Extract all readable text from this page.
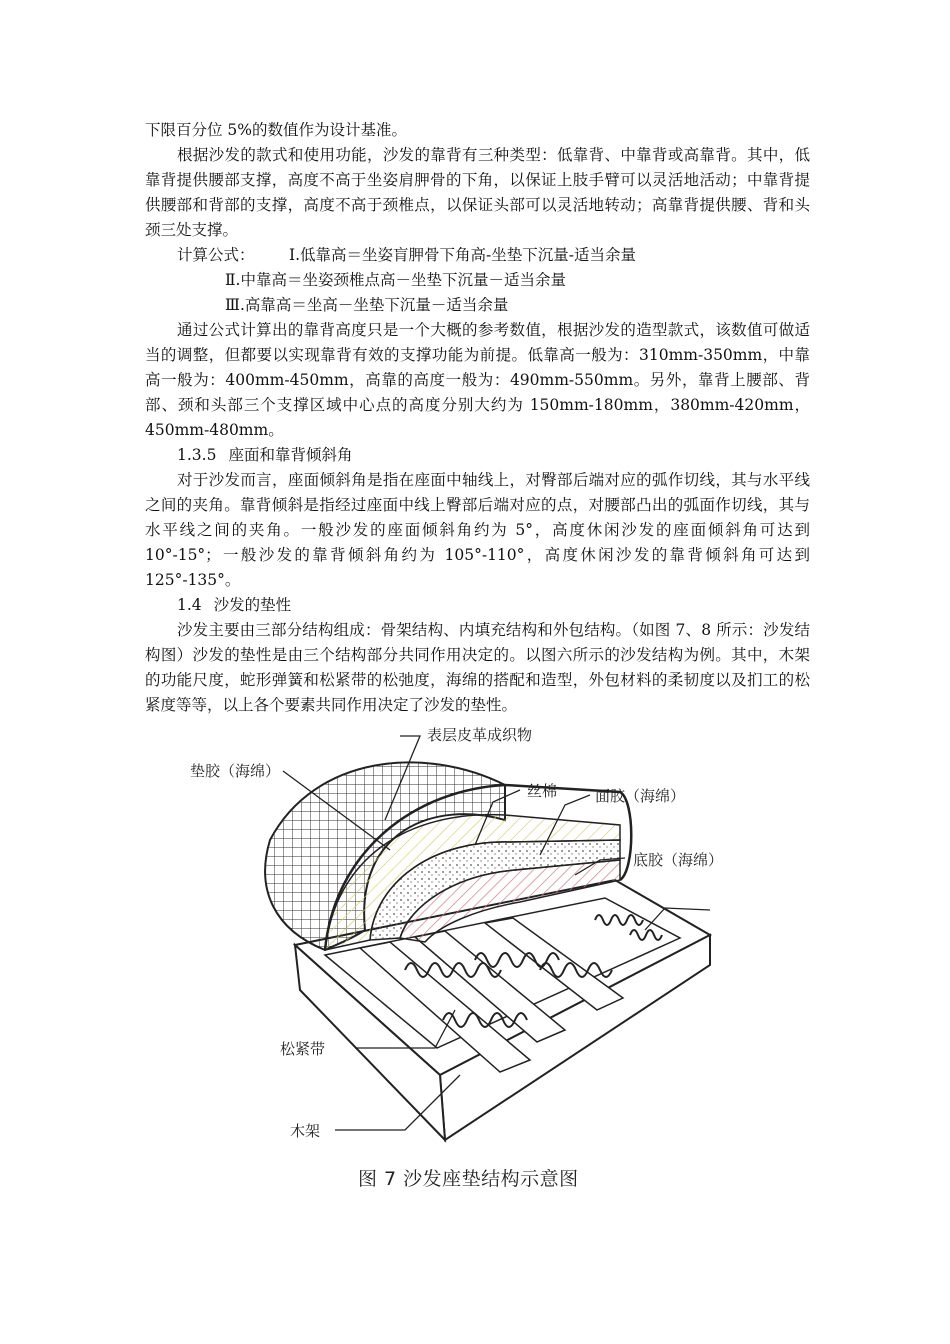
下限百分位 5%的数值作为设计基准。

根据沙发的款式和使用功能，沙发的靠背有三种类型：低靠背、中靠背或高靠背。其中，低靠背提供腰部支撑，高度不高于坐姿肩胛骨的下角，以保证上肢手臂可以灵活地活动；中靠背提供腰部和背部的支撑，高度不高于颈椎点，以保证头部可以灵活地转动；高靠背提供腰、背和头颈三处支撑。

计算公式： Ⅰ.低靠高＝坐姿肓胛骨下角高-坐垫下沉量-适当余量

Ⅱ.中靠高＝坐姿颈椎点高－坐垫下沉量－适当余量

Ⅲ.高靠高＝坐高－坐垫下沉量－适当余量

通过公式计算出的靠背高度只是一个大概的参考数值，根据沙发的造型款式，该数值可做适当的调整，但都要以实现靠背有效的支撑功能为前提。低靠高一般为：310mm-350mm，中靠高一般为：400mm-450mm，高靠的高度一般为：490mm-550mm。另外，靠背上腰部、背部、颈和头部三个支撑区域中心点的高度分别大约为 150mm-180mm，380mm-420mm，450mm-480mm。

1.3.5 座面和靠背倾斜角

对于沙发而言，座面倾斜角是指在座面中轴线上，对臀部后端对应的弧作切线，其与水平线之间的夹角。靠背倾斜是指经过座面中线上臀部后端对应的点，对腰部凸出的弧面作切线，其与水平线之间的夹角。一般沙发的座面倾斜角约为 5°，高度休闲沙发的座面倾斜角可达到 10°-15°；一般沙发的靠背倾斜角约为 105°-110°，高度休闲沙发的靠背倾斜角可达到 125°-135°。

1.4 沙发的垫性

沙发主要由三部分结构组成：骨架结构、内填充结构和外包结构。（如图 7、8 所示：沙发结构图）沙发的垫性是由三个结构部分共同作用决定的。以图六所示的沙发结构为例。其中，木架的功能尺度，蛇形弹簧和松紧带的松弛度，海绵的搭配和造型，外包材料的柔韧度以及扪工的松紧度等等，以上各个要素共同作用决定了沙发的垫性。

表层皮革成织物
垫胶（海绵）
丝棉	面胶（海绵）
底胶（海绵）
松紧带
木架
图 7 沙发座垫结构示意图
